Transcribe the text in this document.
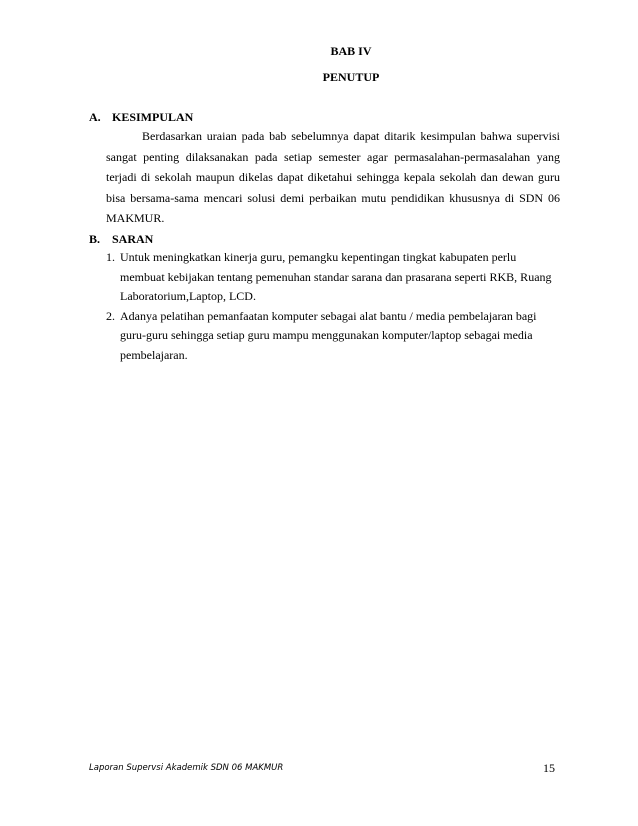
BAB IV
PENUTUP
A. KESIMPULAN
Berdasarkan uraian pada bab sebelumnya dapat ditarik kesimpulan bahwa supervisi sangat penting dilaksanakan pada setiap semester agar permasalahan-permasalahan yang terjadi di sekolah maupun dikelas dapat diketahui sehingga kepala sekolah dan dewan guru bisa bersama-sama mencari solusi demi perbaikan mutu pendidikan khususnya di SDN 06 MAKMUR.
B. SARAN
1. Untuk meningkatkan kinerja guru, pemangku kepentingan tingkat kabupaten perlu membuat kebijakan tentang pemenuhan standar sarana dan prasarana seperti RKB, Ruang Laboratorium,Laptop, LCD.
2. Adanya pelatihan pemanfaatan komputer sebagai alat bantu / media pembelajaran bagi guru-guru sehingga setiap guru mampu menggunakan komputer/laptop sebagai media pembelajaran.
Laporan Supervsi Akademik SDN 06 MAKMUR	15
